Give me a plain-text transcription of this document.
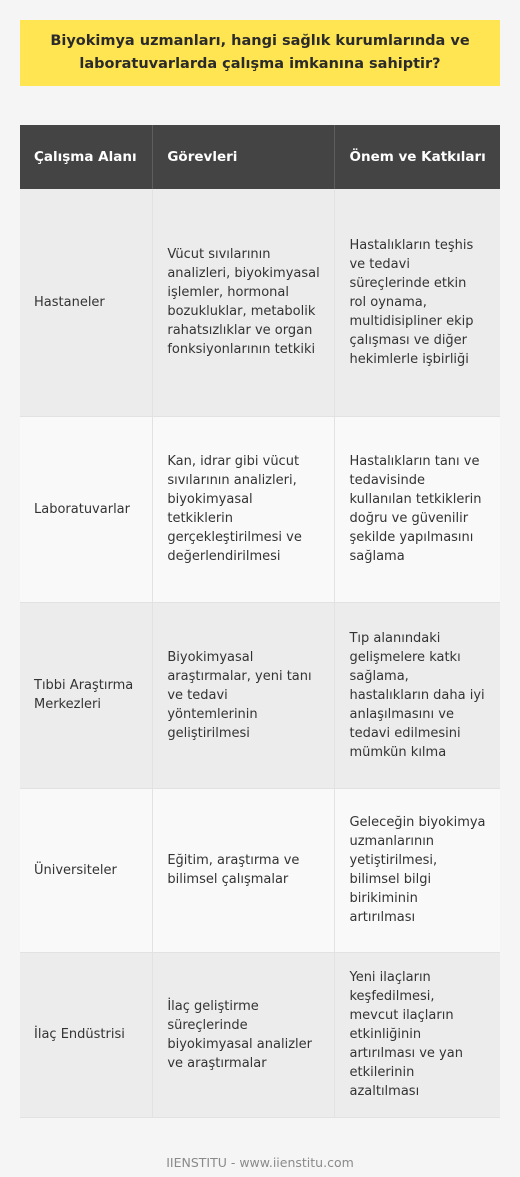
Biyokimya uzmanları, hangi sağlık kurumlarında ve laboratuvarlarda çalışma imkanına sahiptir?
Çalışma Alanı	Görevleri	Önem ve Katkıları
Hastaneler	Vücut sıvılarının analizleri, biyokimyasal işlemler, hormonal bozukluklar, metabolik rahatsızlıklar ve organ fonksiyonlarının tetkiki	Hastalıkların teşhis ve tedavi süreçlerinde etkin rol oynama, multidisipliner ekip çalışması ve diğer hekimlerle işbirliği
Laboratuvarlar	Kan, idrar gibi vücut sıvılarının analizleri, biyokimyasal tetkiklerin gerçekleştirilmesi ve değerlendirilmesi	Hastalıkların tanı ve tedavisinde kullanılan tetkiklerin doğru ve güvenilir şekilde yapılmasını sağlama
Tıbbi Araştırma Merkezleri	Biyokimyasal araştırmalar, yeni tanı ve tedavi yöntemlerinin geliştirilmesi	Tıp alanındaki gelişmelere katkı sağlama, hastalıkların daha iyi anlaşılmasını ve tedavi edilmesini mümkün kılma
Üniversiteler	Eğitim, araştırma ve bilimsel çalışmalar	Geleceğin biyokimya uzmanlarının yetiştirilmesi, bilimsel bilgi birikiminin artırılması
İlaç Endüstrisi	İlaç geliştirme süreçlerinde biyokimyasal analizler ve araştırmalar	Yeni ilaçların keşfedilmesi, mevcut ilaçların etkinliğinin artırılması ve yan etkilerinin azaltılması
IIENSTITU - www.iienstitu.com
